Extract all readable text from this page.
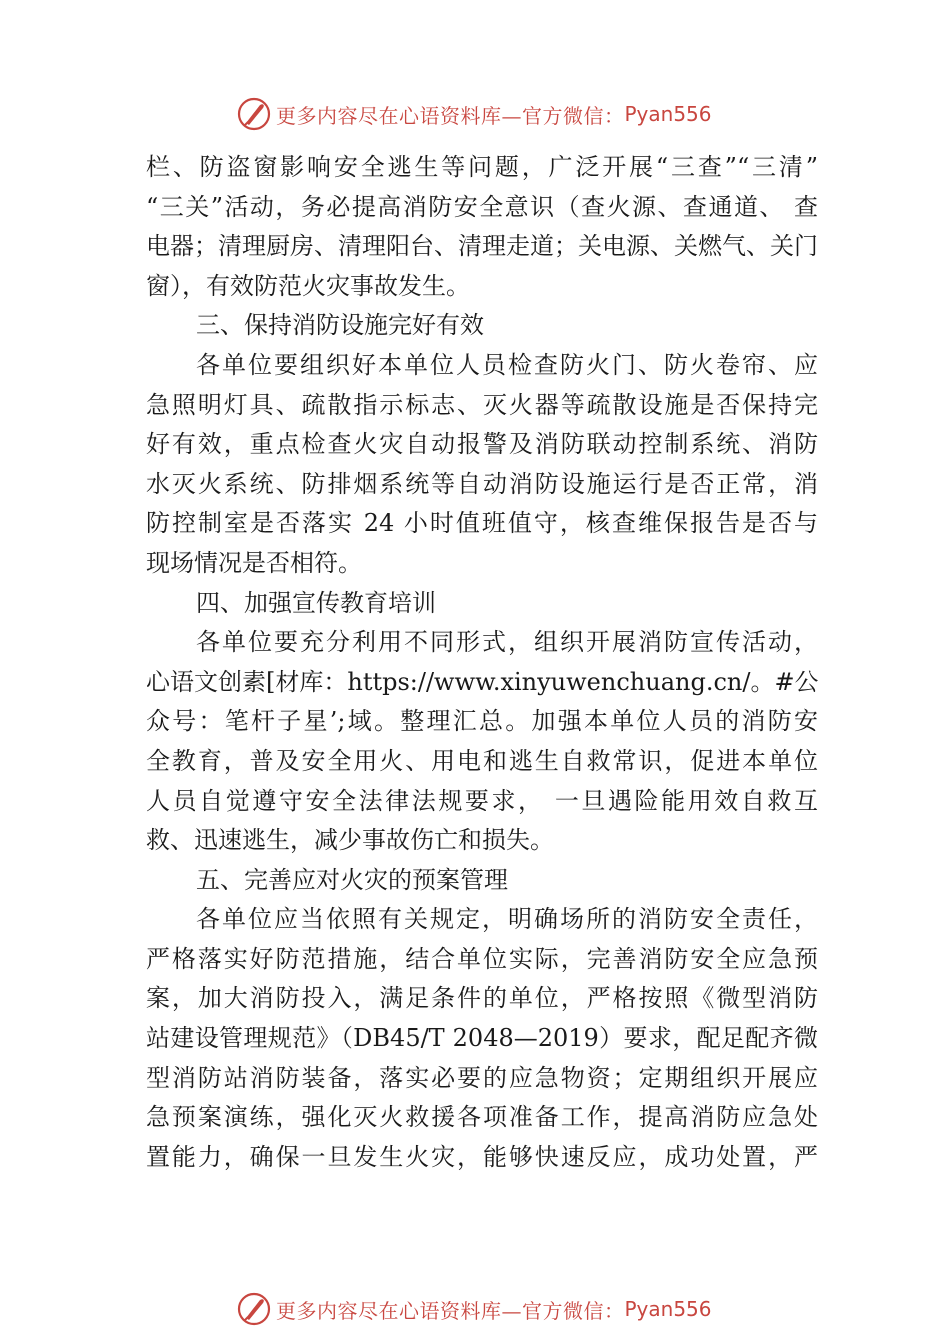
更多内容尽在心语资料库—官方微信： Pyan556
栏、防盗窗影响安全逃生等问题，广泛开展“三查”“三清”
“三关”活动，务必提高消防安全意识（查火源、查通道、 查
电器；清理厨房、清理阳台、清理走道；关电源、关燃气、关门
窗），有效防范火灾事故发生。
三、保持消防设施完好有效
各单位要组织好本单位人员检查防火门、防火卷帘、应
急照明灯具、疏散指示标志、灭火器等疏散设施是否保持完
好有效，重点检查火灾自动报警及消防联动控制系统、消防
水灭火系统、防排烟系统等自动消防设施运行是否正常，消
防控制室是否落实 24 小时值班值守，核查维保报告是否与
现场情况是否相符。
四、加强宣传教育培训
各单位要充分利用不同形式，组织开展消防宣传活动，
心语文创素[材库：https://www.xinyuwenchuang.cn/。#公
众号：笔杆子星’;域。整理汇总。加强本单位人员的消防安
全教育，普及安全用火、用电和逃生自救常识，促进本单位
人员自觉遵守安全法律法规要求， 一旦遇险能用效自救互
救、迅速逃生，减少事故伤亡和损失。
五、完善应对火灾的预案管理
各单位应当依照有关规定，明确场所的消防安全责任，
严格落实好防范措施，结合单位实际，完善消防安全应急预
案，加大消防投入，满足条件的单位，严格按照《微型消防
站建设管理规范》（DB45/T 2048—2019）要求，配足配齐微
型消防站消防装备，落实必要的应急物资；定期组织开展应
急预案演练，强化灭火救援各项准备工作，提高消防应急处
置能力，确保一旦发生火灾，能够快速反应，成功处置，严
更多内容尽在心语资料库—官方微信： Pyan556
